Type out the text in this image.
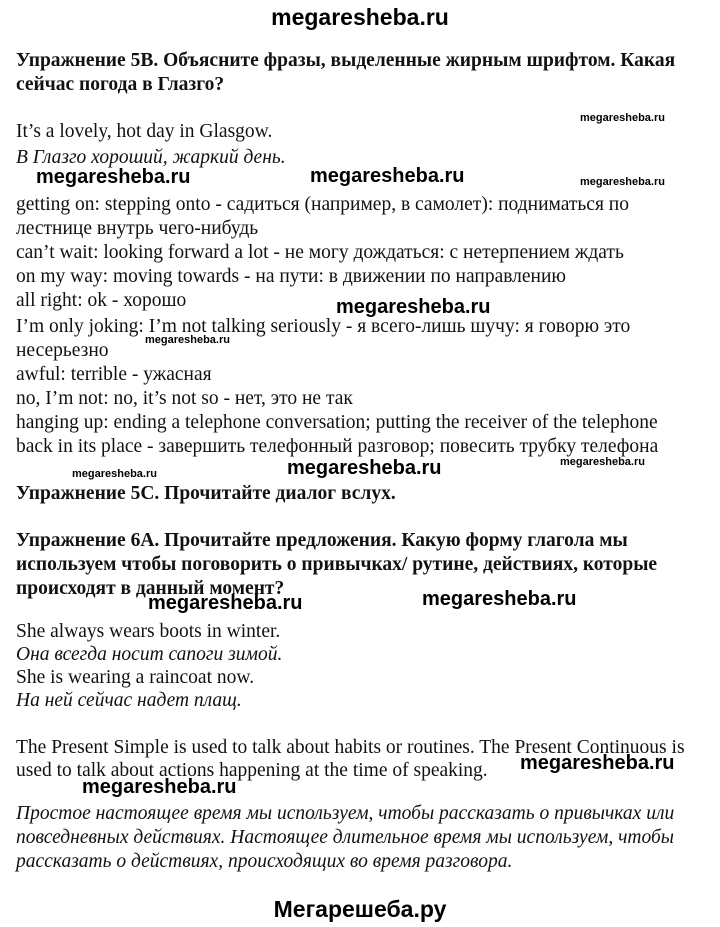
megaresheba.ru
Упражнение 5B. Объясните фразы, выделенные жирным шрифтом. Какая
сейчас погода в Глазго?
megaresheba.ru
It’s a lovely, hot day in Glasgow.
В Глазго хороший, жаркий день.
megaresheba.ru	megaresheba.ru	megaresheba.ru
getting on: stepping onto - садиться (например, в самолет): подниматься по
лестнице внутрь чего-нибудь
can’t wait: looking forward a lot - не могу дождаться: с нетерпением ждать
on my way: moving towards - на пути: в движении по направлению
all right: ok - хорошо	megaresheba.ru
I’m only joking: I’m not talking seriously - я всего-лишь шучу: я говорю это
megaresheba.ru
несерьезно
awful: terrible - ужасная
no, I’m not: no, it’s not so - нет, это не так
hanging up: ending a telephone conversation; putting the receiver of the telephone
back in its place - завершить телефонный разговор; повесить трубку телефона
megaresheba.ru	megaresheba.ru	megaresheba.ru
Упражнение 5C. Прочитайте диалог вслух.
Упражнение 6A. Прочитайте предложения. Какую форму глагола мы
используем чтобы поговорить о привычках/ рутине, действиях, которые
происходят в данный момент?
megaresheba.ru	megaresheba.ru
She always wears boots in winter.
Она всегда носит сапоги зимой.
She is wearing a raincoat now.
На ней сейчас надет плащ.
The Present Simple is used to talk about habits or routines. The Present Continuous is
used to talk about actions happening at the time of speaking. megaresheba.ru
megaresheba.ru
Простое настоящее время мы используем, чтобы рассказать о привычках или
повседневных действиях. Настоящее длительное время мы используем, чтобы
рассказать о действиях, происходящих во время разговора.
Мегарешеба.ру
